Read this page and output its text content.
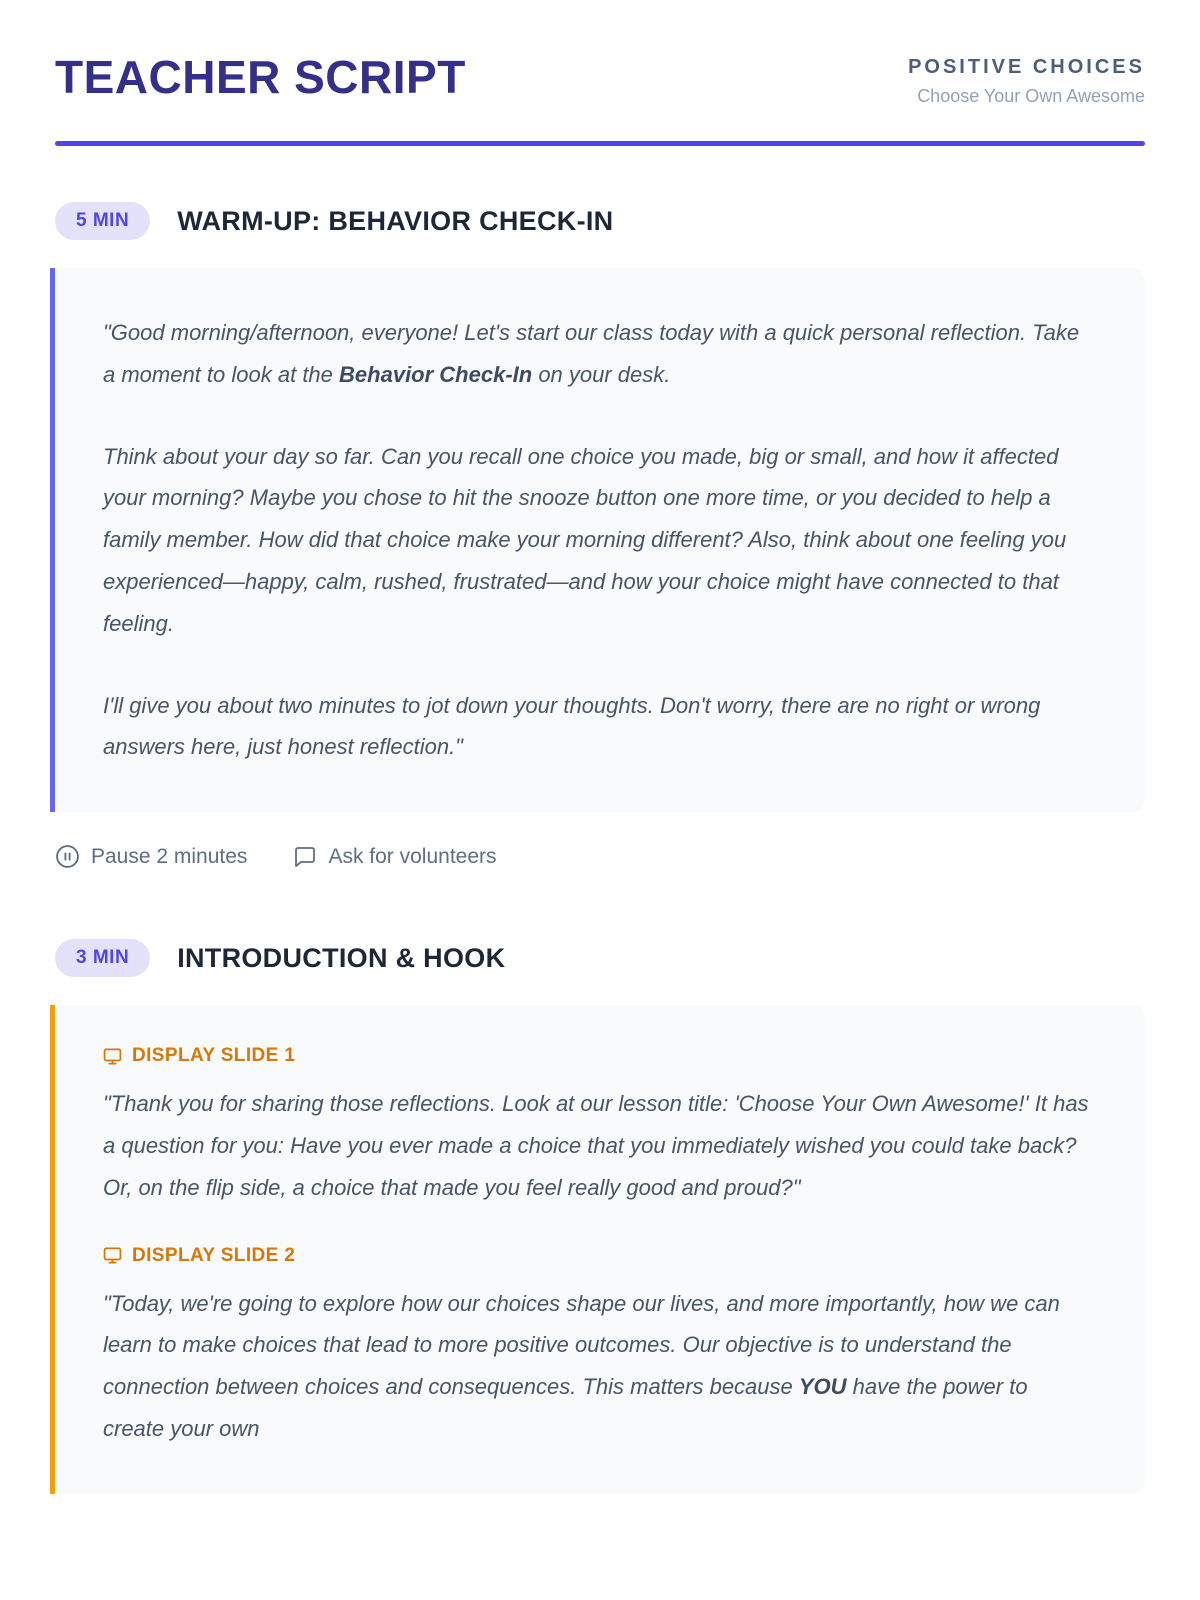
TEACHER SCRIPT	POSITIVE CHOICES
Choose Your Own Awesome
5 MIN	WARM-UP: BEHAVIOR CHECK-IN

"Good morning/afternoon, everyone! Let's start our class today with a quick personal reflection. Take a moment to look at the Behavior Check-In on your desk.

Think about your day so far. Can you recall one choice you made, big or small, and how it affected your morning? Maybe you chose to hit the snooze button one more time, or you decided to help a family member. How did that choice make your morning different? Also, think about one feeling you experienced—happy, calm, rushed, frustrated—and how your choice might have connected to that feeling.

I'll give you about two minutes to jot down your thoughts. Don't worry, there are no right or wrong answers here, just honest reflection."

Pause 2 minutes	Ask for volunteers
3 MIN	INTRODUCTION & HOOK
DISPLAY SLIDE 1

"Thank you for sharing those reflections. Look at our lesson title: 'Choose Your Own Awesome!' It has a question for you: Have you ever made a choice that you immediately wished you could take back? Or, on the flip side, a choice that made you feel really good and proud?"

DISPLAY SLIDE 2

"Today, we're going to explore how our choices shape our lives, and more importantly, how we can learn to make choices that lead to more positive outcomes. Our objective is to understand the connection between choices and consequences. This matters because YOU have the power to create your own
